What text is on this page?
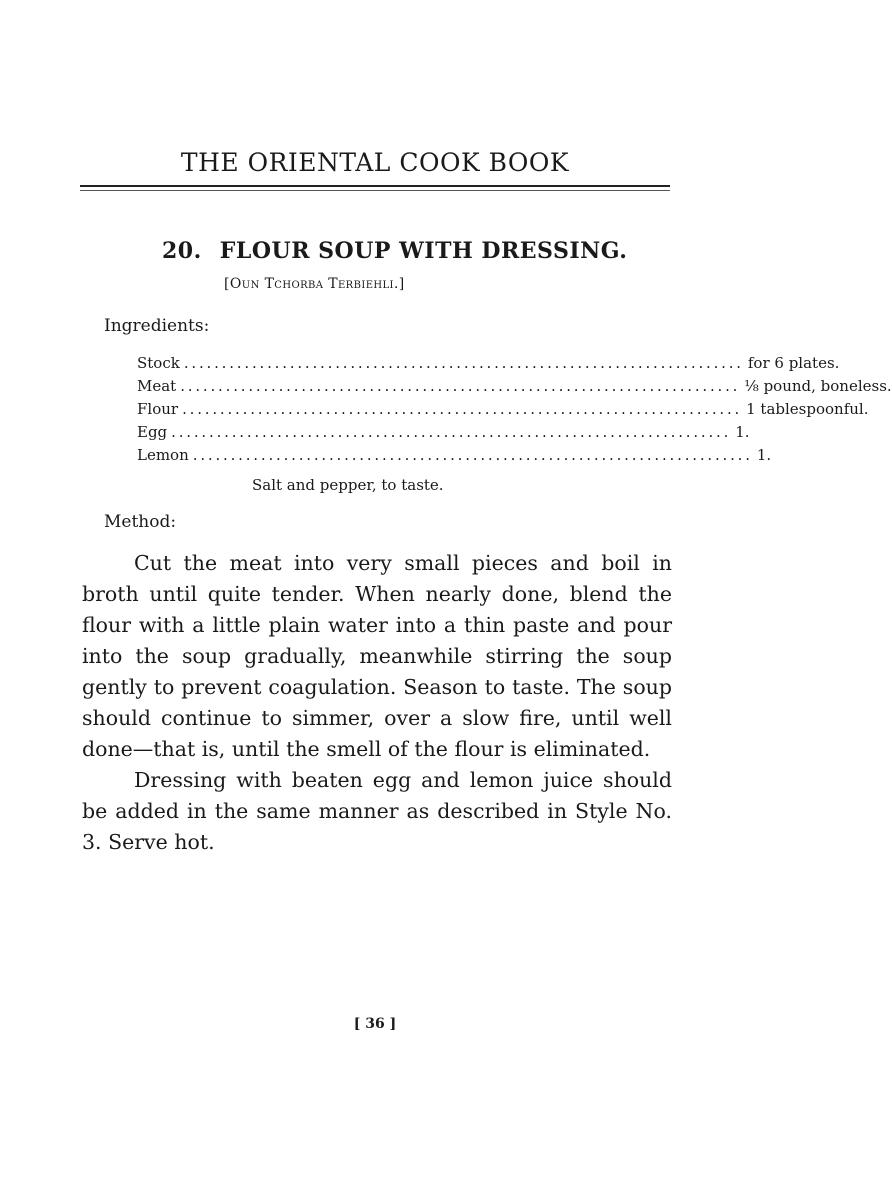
THE ORIENTAL COOK BOOK
20. FLOUR SOUP WITH DRESSING.
[Oun Tchorba Terbiehli.]
Ingredients:
Stock .......................................................................... for 6 plates.
Meat .......................................................................... ⅛ pound, boneless.
Flour .......................................................................... 1 tablespoonful.
Egg .......................................................................... 1.
Lemon .......................................................................... 1.
Salt and pepper, to taste.
Method:

Cut the meat into very small pieces and boil in broth until quite tender. When nearly done, blend the flour with a little plain water into a thin paste and pour into the soup gradually, meanwhile stirring the soup gently to prevent coagulation. Season to taste. The soup should continue to simmer, over a slow fire, until well done—that is, until the smell of the flour is eliminated.

Dressing with beaten egg and lemon juice should be added in the same manner as described in Style No. 3. Serve hot.

[ 36 ]
